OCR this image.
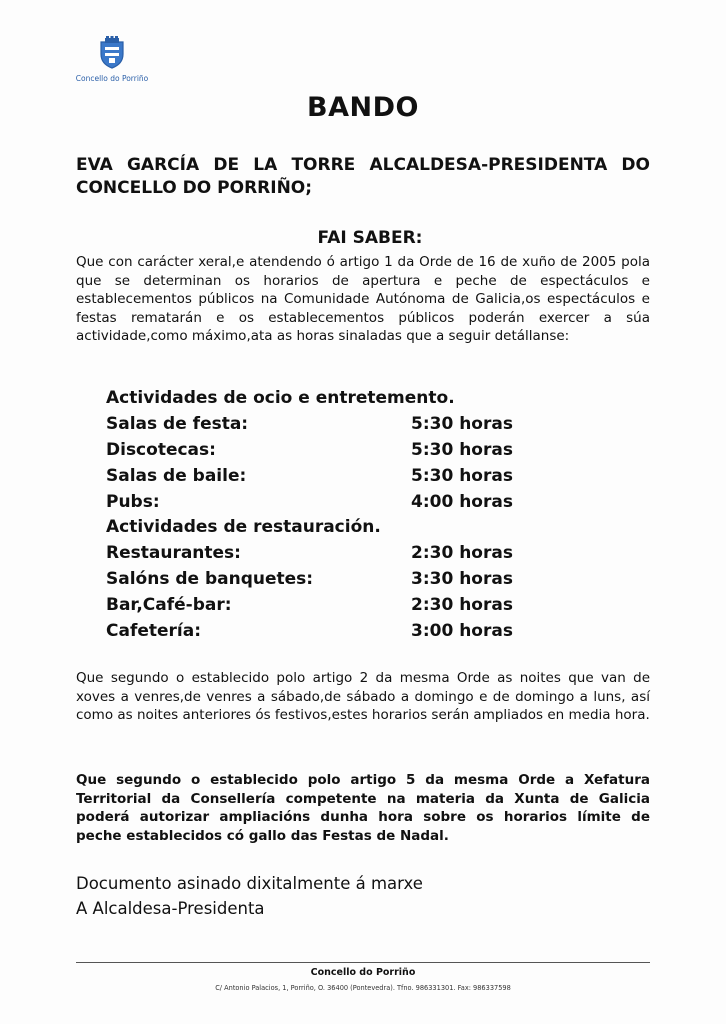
Concello do Porriño
BANDO
EVA GARCÍA DE LA TORRE ALCALDESA-PRESIDENTA DO CONCELLO DO PORRIÑO;
FAI SABER:
Que con carácter xeral,e atendendo ó artigo 1 da Orde de 16 de xuño de 2005 pola que se determinan os horarios de apertura e peche de espectáculos e establecementos públicos na Comunidade Autónoma de Galicia,os espectáculos e festas rematarán e os establecementos públicos poderán exercer a súa actividade,como máximo,ata as horas sinaladas que a seguir detállanse:
Actividades de ocio e entretemento.
Salas de festa:	5:30 horas
Discotecas:	5:30 horas
Salas de baile:	5:30 horas
Pubs:	4:00 horas
Actividades de restauración.
Restaurantes:	2:30 horas
Salóns de banquetes:	3:30 horas
Bar,Café-bar:	2:30 horas
Cafetería:	3:00 horas
Que segundo o establecido polo artigo 2 da mesma Orde as noites que van de xoves a venres,de venres a sábado,de sábado a domingo e de domingo a luns, así como as noites anteriores ós festivos,estes horarios serán ampliados en media hora.
Que segundo o establecido polo artigo 5 da mesma Orde a Xefatura Territorial da Consellería competente na materia da Xunta de Galicia poderá autorizar ampliacións dunha hora sobre os horarios límite de peche establecidos có gallo das Festas de Nadal.
Documento asinado dixitalmente á marxe
A Alcaldesa-Presidenta
Concello do Porriño
C/ Antonio Palacios, 1, Porriño, O. 36400 (Pontevedra). Tfno. 986331301. Fax: 986337598
